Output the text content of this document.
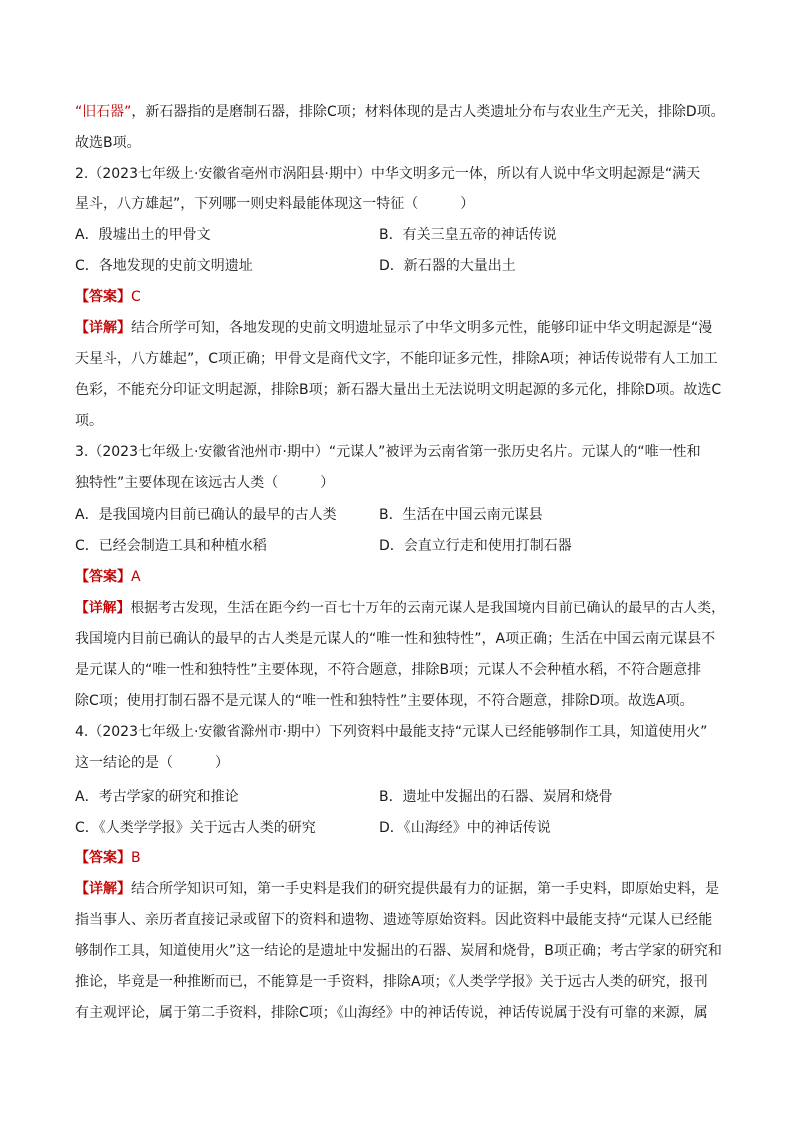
“旧石器”，新石器指的是磨制石器，排除C项；材料体现的是古人类遗址分布与农业生产无关，排除D项。
故选B项。
2.（2023七年级上·安徽省亳州市涡阳县·期中）中华文明多元一体，所以有人说中华文明起源是“满天
星斗，八方雄起”，下列哪一则史料最能体现这一特征（　　　）
A．殷墟出土的甲骨文	B．有关三皇五帝的神话传说
C．各地发现的史前文明遗址	D．新石器的大量出土
【答案】C
【详解】结合所学可知，各地发现的史前文明遗址显示了中华文明多元性，能够印证中华文明起源是“漫
天星斗，八方雄起”，C项正确；甲骨文是商代文字，不能印证多元性，排除A项；神话传说带有人工加工
色彩，不能充分印证文明起源，排除B项；新石器大量出土无法说明文明起源的多元化，排除D项。故选C
项。
3.（2023七年级上·安徽省池州市·期中）“元谋人”被评为云南省第一张历史名片。元谋人的“唯一性和
独特性”主要体现在该远古人类（　　　）
A．是我国境内目前已确认的最早的古人类	B．生活在中国云南元谋县
C．已经会制造工具和种植水稻	D．会直立行走和使用打制石器
【答案】A
【详解】根据考古发现，生活在距今约一百七十万年的云南元谋人是我国境内目前已确认的最早的古人类，
我国境内目前已确认的最早的古人类是元谋人的“唯一性和独特性”，A项正确；生活在中国云南元谋县不
是元谋人的“唯一性和独特性”主要体现，不符合题意，排除B项；元谋人不会种植水稻，不符合题意排
除C项；使用打制石器不是元谋人的“唯一性和独特性”主要体现，不符合题意，排除D项。故选A项。
4.（2023七年级上·安徽省滁州市·期中）下列资料中最能支持“元谋人已经能够制作工具，知道使用火”
这一结论的是（　　　）
A．考古学家的研究和推论	B．遗址中发掘出的石器、炭屑和烧骨
C．《人类学学报》关于远古人类的研究	D．《山海经》中的神话传说
【答案】B
【详解】结合所学知识可知，第一手史料是我们的研究提供最有力的证据，第一手史料，即原始史料，是
指当事人、亲历者直接记录或留下的资料和遗物、遗迹等原始资料。因此资料中最能支持“元谋人已经能
够制作工具，知道使用火”这一结论的是遗址中发掘出的石器、炭屑和烧骨，B项正确；考古学家的研究和
推论，毕竟是一种推断而已，不能算是一手资料，排除A项；《人类学学报》关于远古人类的研究，报刊
有主观评论，属于第二手资料，排除C项；《山海经》中的神话传说，神话传说属于没有可靠的来源，属
